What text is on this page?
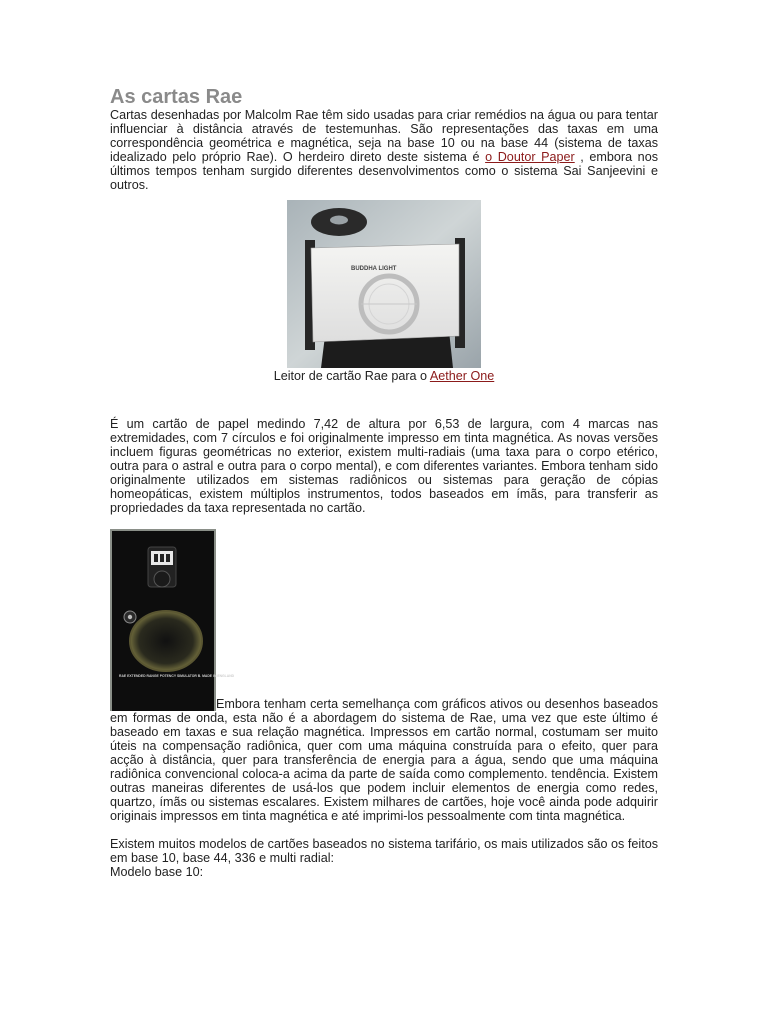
As cartas Rae

Cartas desenhadas por Malcolm Rae têm sido usadas para criar remédios na água ou para tentar influenciar à distância através de testemunhas. São representações das taxas em uma correspondência geométrica e magnética, seja na base 10 ou na base 44 (sistema de taxas idealizado pelo próprio Rae). O herdeiro direto deste sistema é o Doutor Paper , embora nos últimos tempos tenham surgido diferentes desenvolvimentos como o sistema Sai Sanjeevini e outros.

BUDDHA LIGHT
Leitor de cartão Rae para o Aether One

É um cartão de papel medindo 7,42 de altura por 6,53 de largura, com 4 marcas nas extremidades, com 7 círculos e foi originalmente impresso em tinta magnética. As novas versões incluem figuras geométricas no exterior, existem multi-radiais (uma taxa para o corpo etérico, outra para o astral e outra para o corpo mental), e com diferentes variantes. Embora tenham sido originalmente utilizados em sistemas radiônicos ou sistemas para geração de cópias homeopáticas, existem múltiplos instrumentos, todos baseados em ímãs, para transferir as propriedades da taxa representada no cartão.

RAE EXTENDED RANGE POTENCY SIMULATOR B. MADE IN ENGLAND

Embora tenham certa semelhança com gráficos ativos ou desenhos baseados em formas de onda, esta não é a abordagem do sistema de Rae, uma vez que este último é baseado em taxas e sua relação magnética. Impressos em cartão normal, costumam ser muito úteis na compensação radiônica, quer com uma máquina construída para o efeito, quer para acção à distância, quer para transferência de energia para a água, sendo que uma máquina radiônica convencional coloca-a acima da parte de saída como complemento. tendência. Existem outras maneiras diferentes de usá-los que podem incluir elementos de energia como redes, quartzo, ímãs ou sistemas escalares. Existem milhares de cartões, hoje você ainda pode adquirir originais impressos em tinta magnética e até imprimi-los pessoalmente com tinta magnética.

Existem muitos modelos de cartões baseados no sistema tarifário, os mais utilizados são os feitos em base 10, base 44, 336 e multi radial:

Modelo base 10:
